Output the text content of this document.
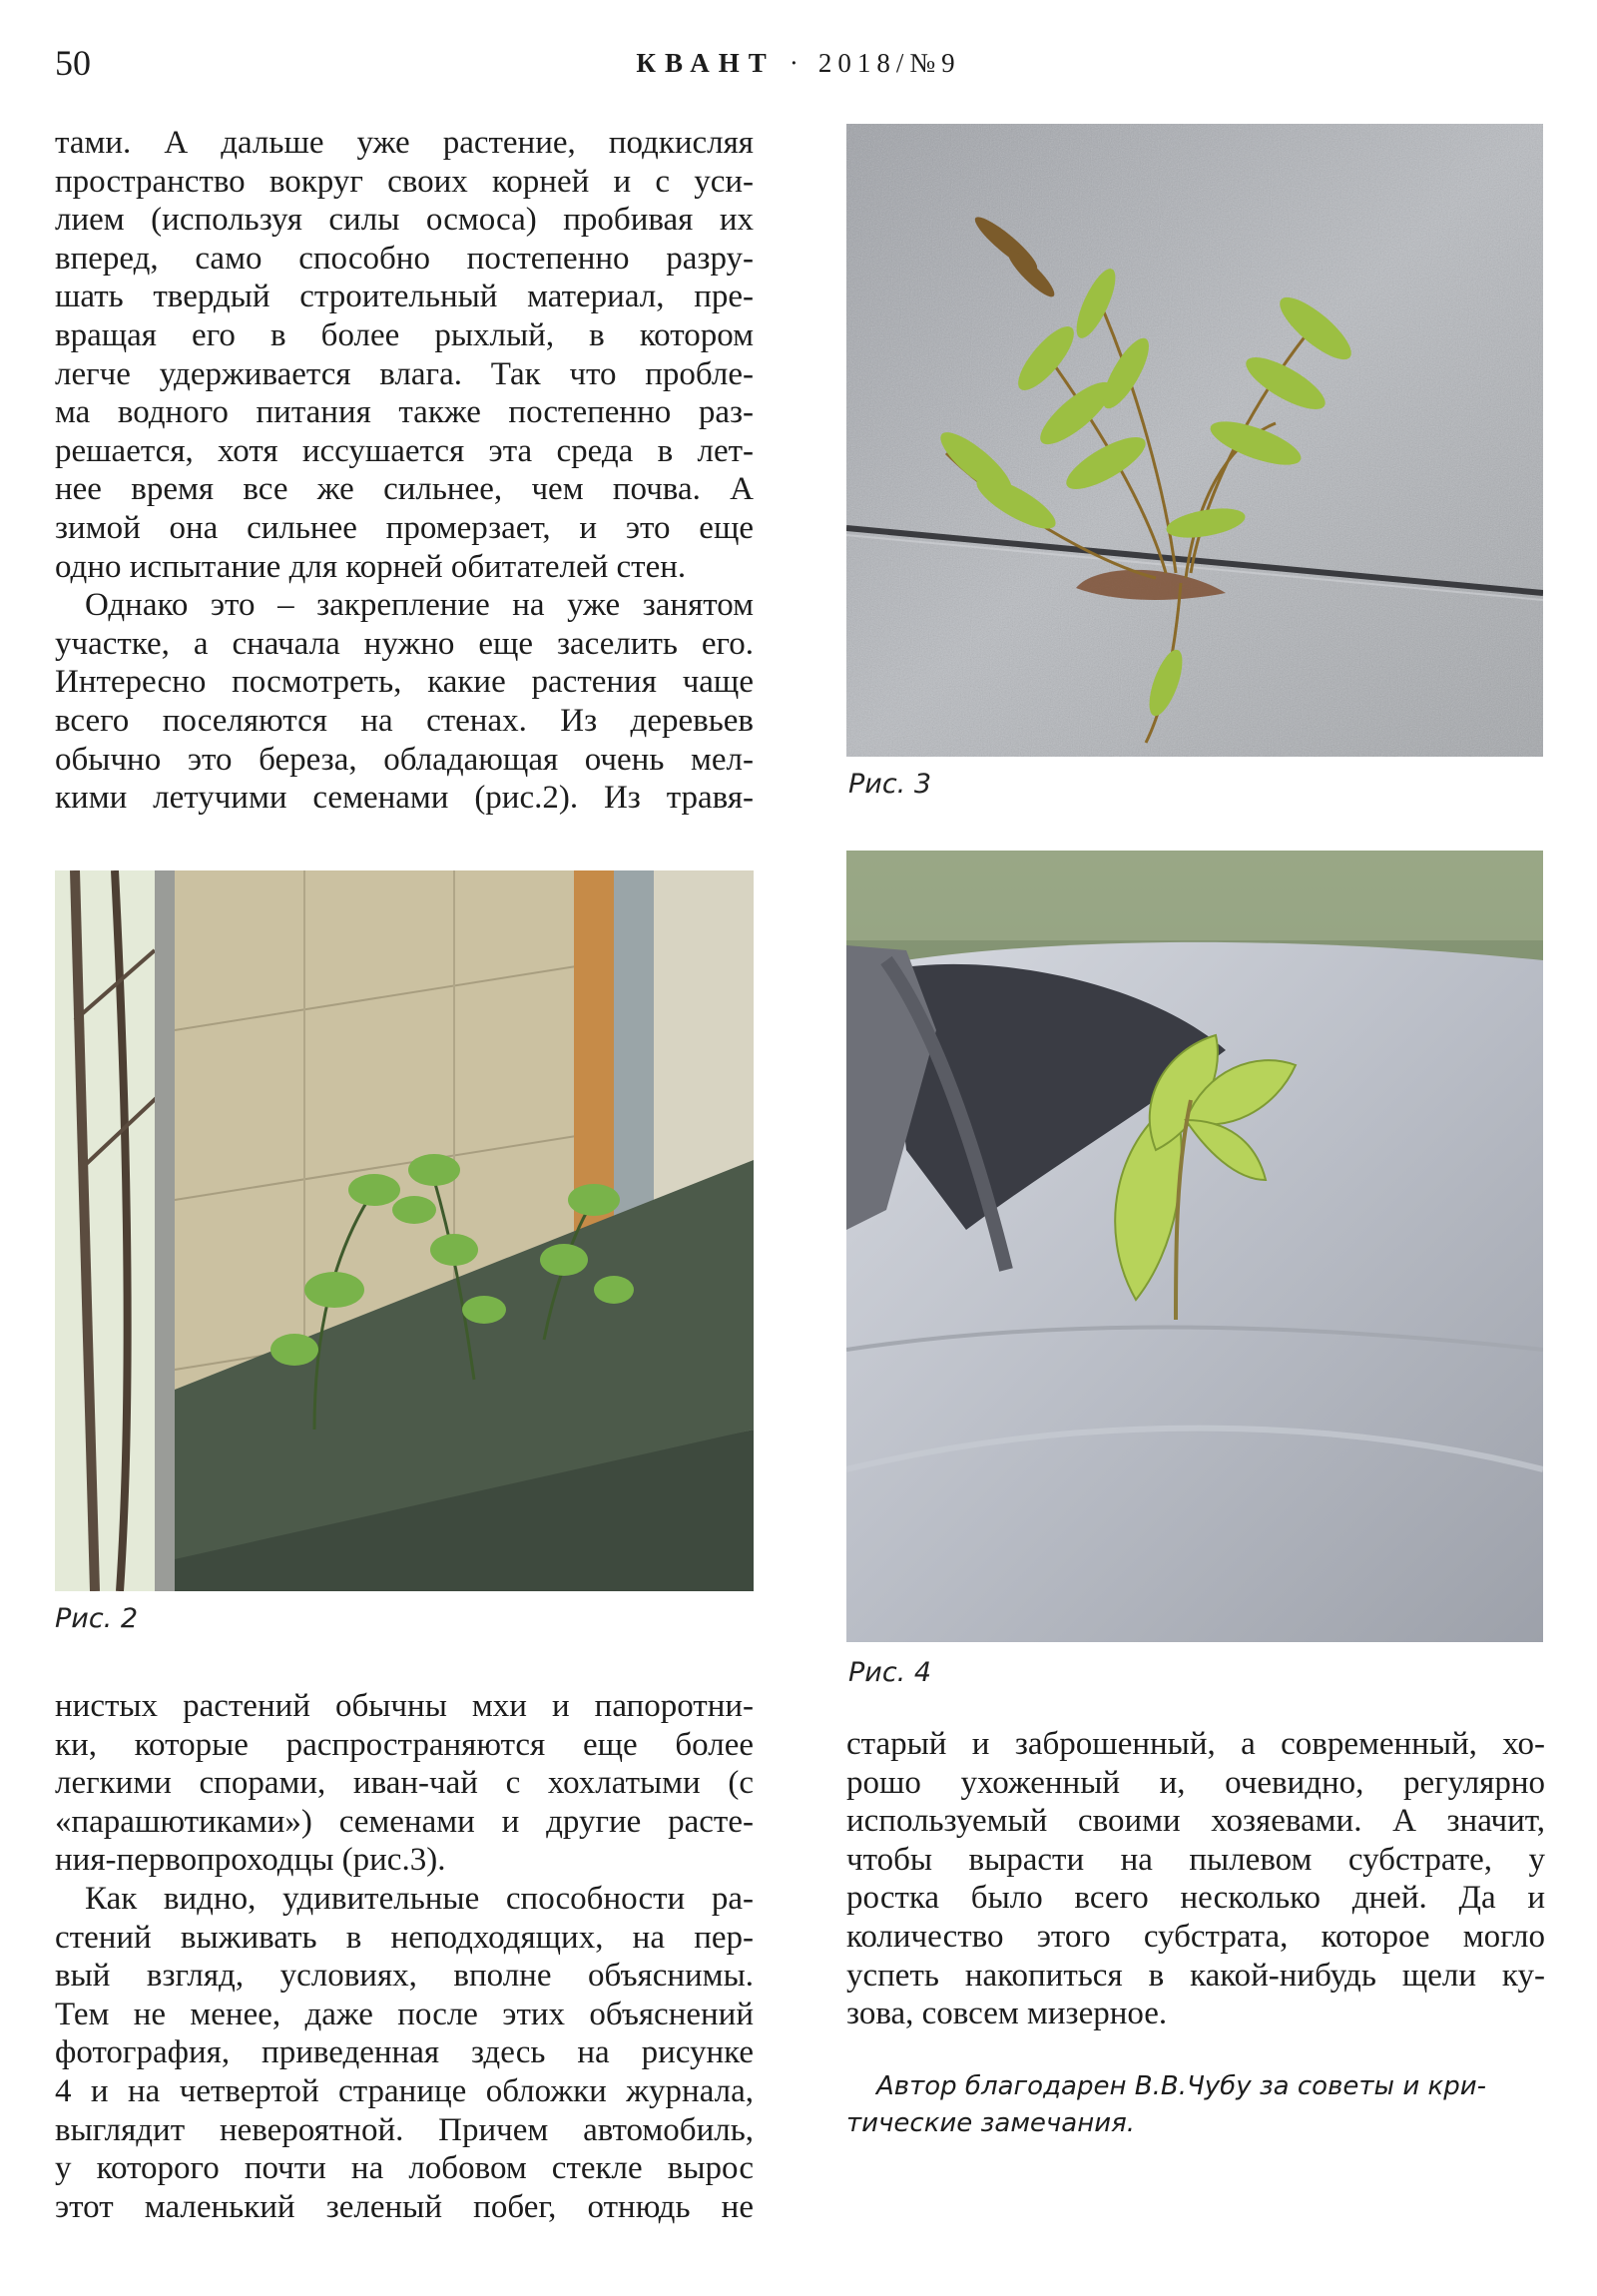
50	КВАНТ · 2018/№9
тами. А дальше уже растение, подкисляя
пространство вокруг своих корней и с уси-
лием (используя силы осмоса) пробивая их
вперед, само способно постепенно разру-
шать твердый строительный материал, пре-
вращая его в более рыхлый, в котором
легче удерживается влага. Так что пробле-
ма водного питания также постепенно раз-
решается, хотя иссушается эта среда в лет-
нее время все же сильнее, чем почва. А
зимой она сильнее промерзает, и это еще
одно испытание для корней обитателей стен.
Однако это – закрепление на уже занятом
участке, а сначала нужно еще заселить его.
Интересно посмотреть, какие растения чаще
всего поселяются на стенах. Из деревьев
обычно это береза, обладающая очень мел-
кими летучими семенами (рис.2). Из травя-	Рис. 3
Рис. 2
Рис. 4
нистых растений обычны мхи и папоротни-
ки, которые распространяются еще более
легкими спорами, иван-чай с хохлатыми (с
«парашютиками») семенами и другие расте-
ния-первопроходцы (рис.3).
Как видно, удивительные способности ра-
стений выживать в неподходящих, на пер-
вый взгляд, условиях, вполне объяснимы.
Тем не менее, даже после этих объяснений
фотография, приведенная здесь на рисунке
4 и на четвертой странице обложки журнала,
выглядит невероятной. Причем автомобиль,
у которого почти на лобовом стекле вырос
этот маленький зеленый побег, отнюдь не
старый и заброшенный, а современный, хо-
рошо ухоженный и, очевидно, регулярно
используемый своими хозяевами. А значит,
чтобы вырасти на пылевом субстрате, у
ростка было всего несколько дней. Да и
количество этого субстрата, которое могло
успеть накопиться в какой-нибудь щели ку-
зова, совсем мизерное.
Автор благодарен В.В.Чубу за советы и кри-
тические замечания.
